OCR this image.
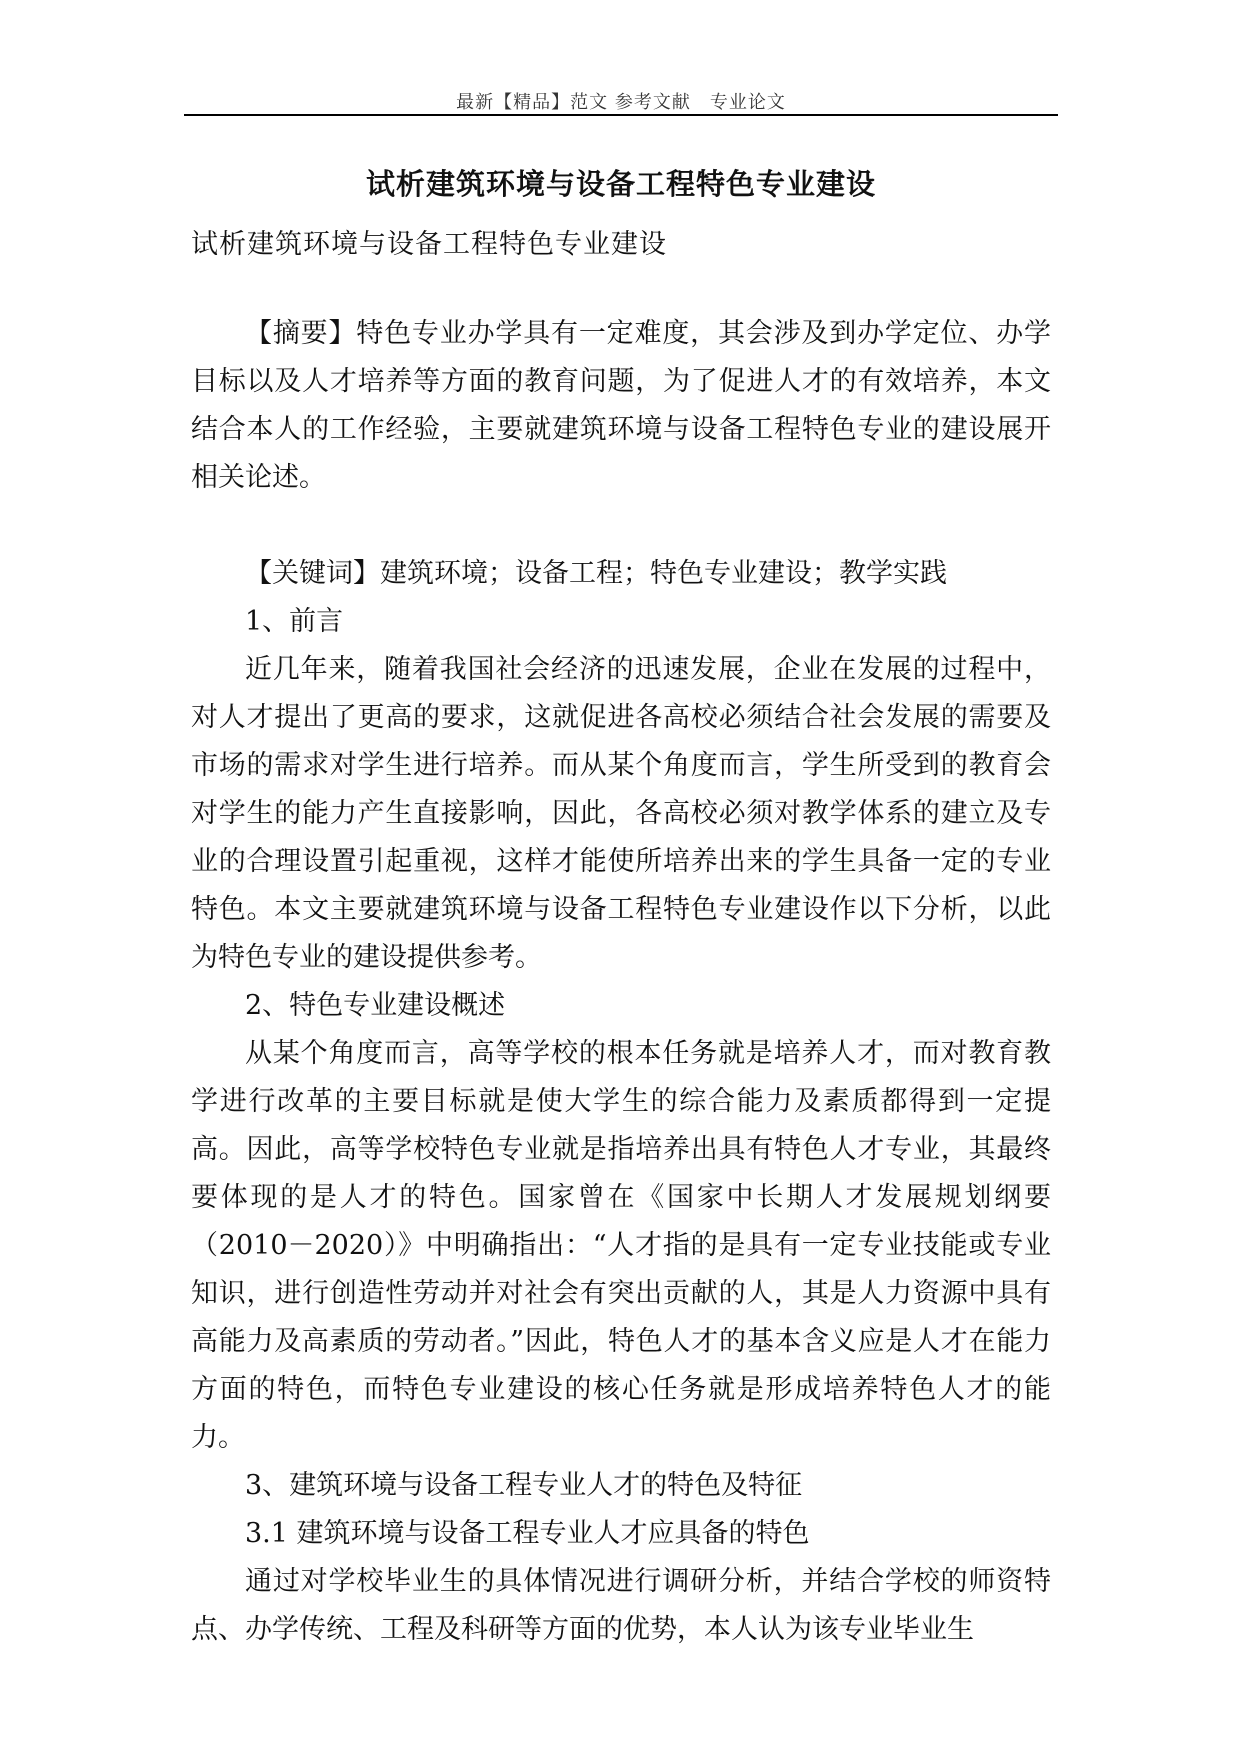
最新【精品】范文 参考文献　专业论文
试析建筑环境与设备工程特色专业建设
试析建筑环境与设备工程特色专业建设

【摘要】特色专业办学具有一定难度，其会涉及到办学定位、办学目标以及人才培养等方面的教育问题，为了促进人才的有效培养，本文结合本人的工作经验，主要就建筑环境与设备工程特色专业的建设展开相关论述。

【关键词】建筑环境；设备工程；特色专业建设；教学实践

1、前言

近几年来，随着我国社会经济的迅速发展，企业在发展的过程中，对人才提出了更高的要求，这就促进各高校必须结合社会发展的需要及市场的需求对学生进行培养。而从某个角度而言，学生所受到的教育会对学生的能力产生直接影响，因此，各高校必须对教学体系的建立及专业的合理设置引起重视，这样才能使所培养出来的学生具备一定的专业特色。本文主要就建筑环境与设备工程特色专业建设作以下分析，以此为特色专业的建设提供参考。

2、特色专业建设概述

从某个角度而言，高等学校的根本任务就是培养人才，而对教育教学进行改革的主要目标就是使大学生的综合能力及素质都得到一定提高。因此，高等学校特色专业就是指培养出具有特色人才专业，其最终要体现的是人才的特色。国家曾在《国家中长期人才发展规划纲要（2010－2020）》中明确指出：“人才指的是具有一定专业技能或专业知识，进行创造性劳动并对社会有突出贡献的人，其是人力资源中具有高能力及高素质的劳动者。”因此，特色人才的基本含义应是人才在能力方面的特色，而特色专业建设的核心任务就是形成培养特色人才的能力。

3、建筑环境与设备工程专业人才的特色及特征

3.1 建筑环境与设备工程专业人才应具备的特色

通过对学校毕业生的具体情况进行调研分析，并结合学校的师资特点、办学传统、工程及科研等方面的优势，本人认为该专业毕业生
